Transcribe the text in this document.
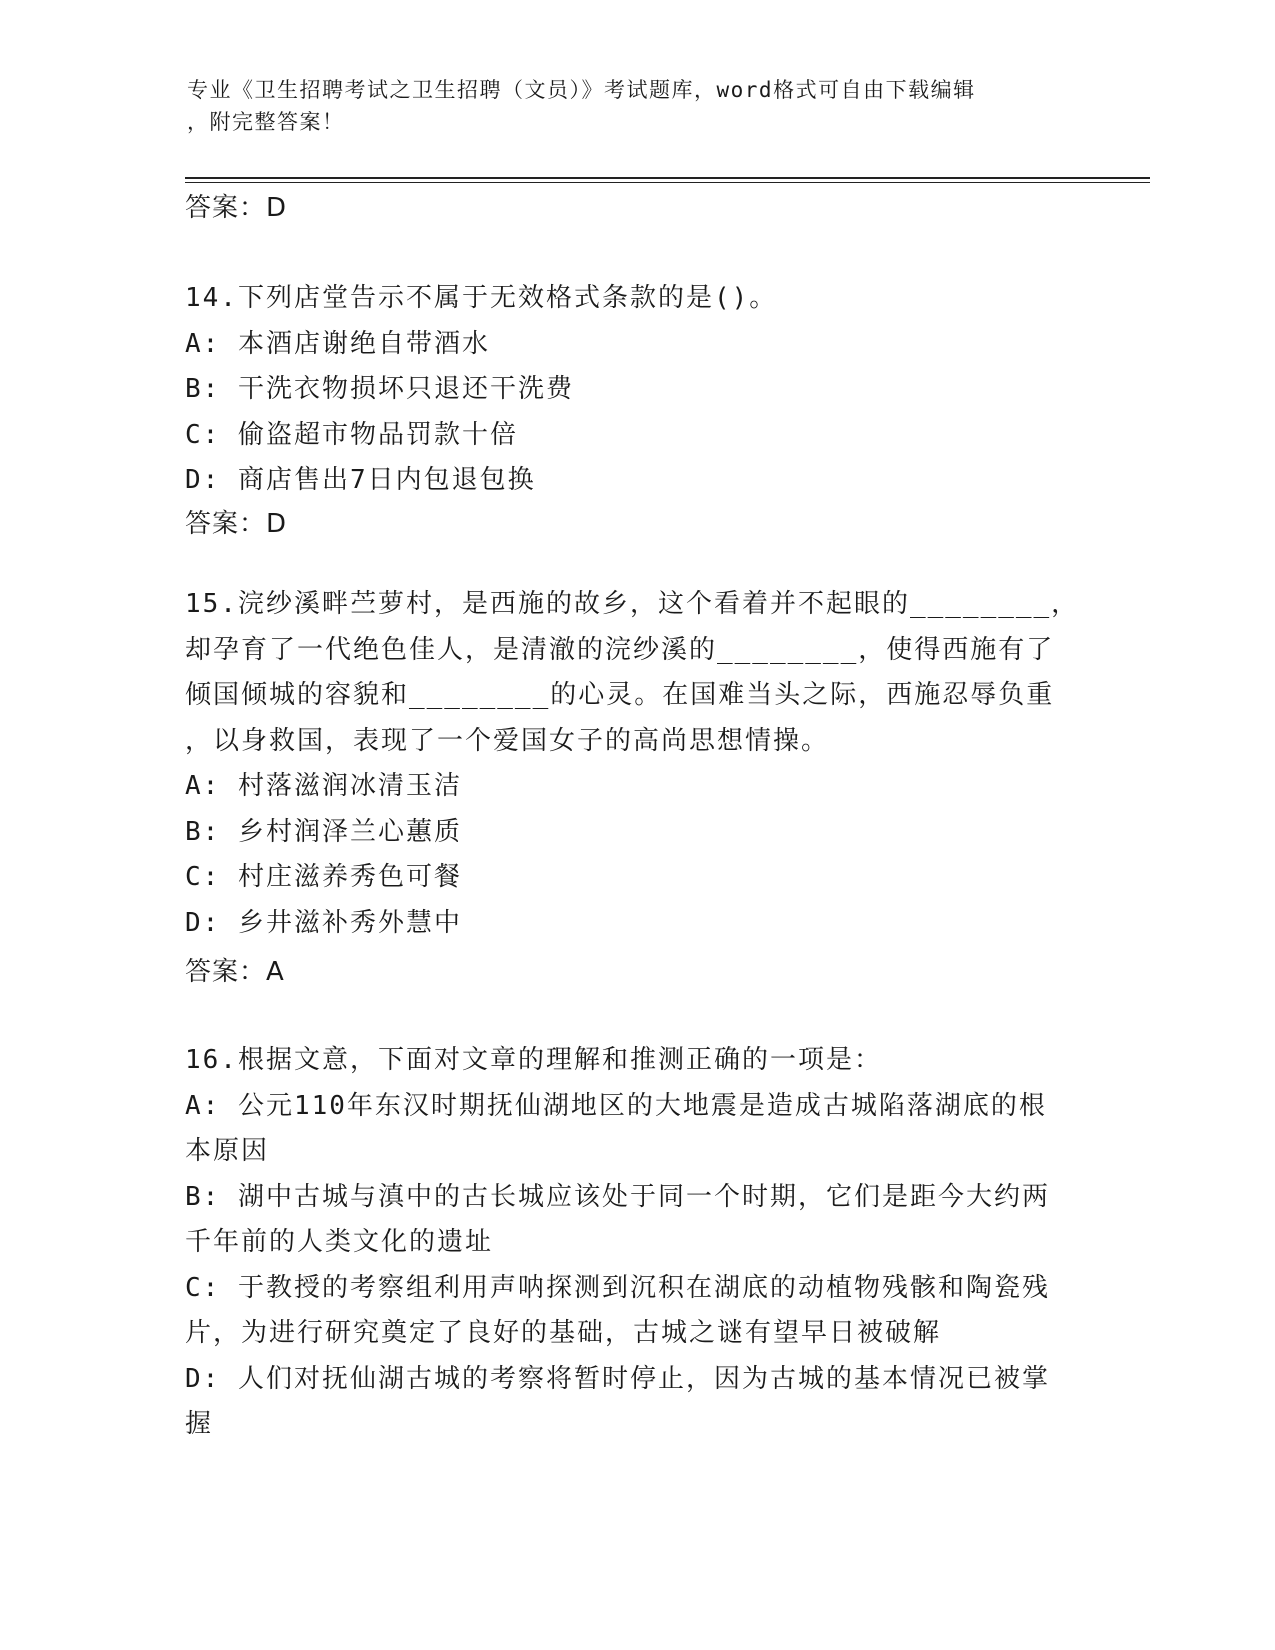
专业《卫生招聘考试之卫生招聘（文员）》考试题库，word格式可自由下载编辑
，附完整答案！
答案：D
14.下列店堂告示不属于无效格式条款的是()。
A: 本酒店谢绝自带酒水
B: 干洗衣物损坏只退还干洗费
C: 偷盗超市物品罚款十倍
D: 商店售出7日内包退包换
答案：D
15.浣纱溪畔苎萝村，是西施的故乡，这个看着并不起眼的________，
却孕育了一代绝色佳人，是清澈的浣纱溪的________，使得西施有了
倾国倾城的容貌和________的心灵。在国难当头之际，西施忍辱负重
，以身救国，表现了一个爱国女子的高尚思想情操。
A: 村落滋润冰清玉洁
B: 乡村润泽兰心蕙质
C: 村庄滋养秀色可餐
D: 乡井滋补秀外慧中
答案：A
16.根据文意，下面对文章的理解和推测正确的一项是：
A: 公元110年东汉时期抚仙湖地区的大地震是造成古城陷落湖底的根
本原因
B: 湖中古城与滇中的古长城应该处于同一个时期，它们是距今大约两
千年前的人类文化的遗址
C: 于教授的考察组利用声呐探测到沉积在湖底的动植物残骸和陶瓷残
片，为进行研究奠定了良好的基础，古城之谜有望早日被破解
D: 人们对抚仙湖古城的考察将暂时停止，因为古城的基本情况已被掌
握
